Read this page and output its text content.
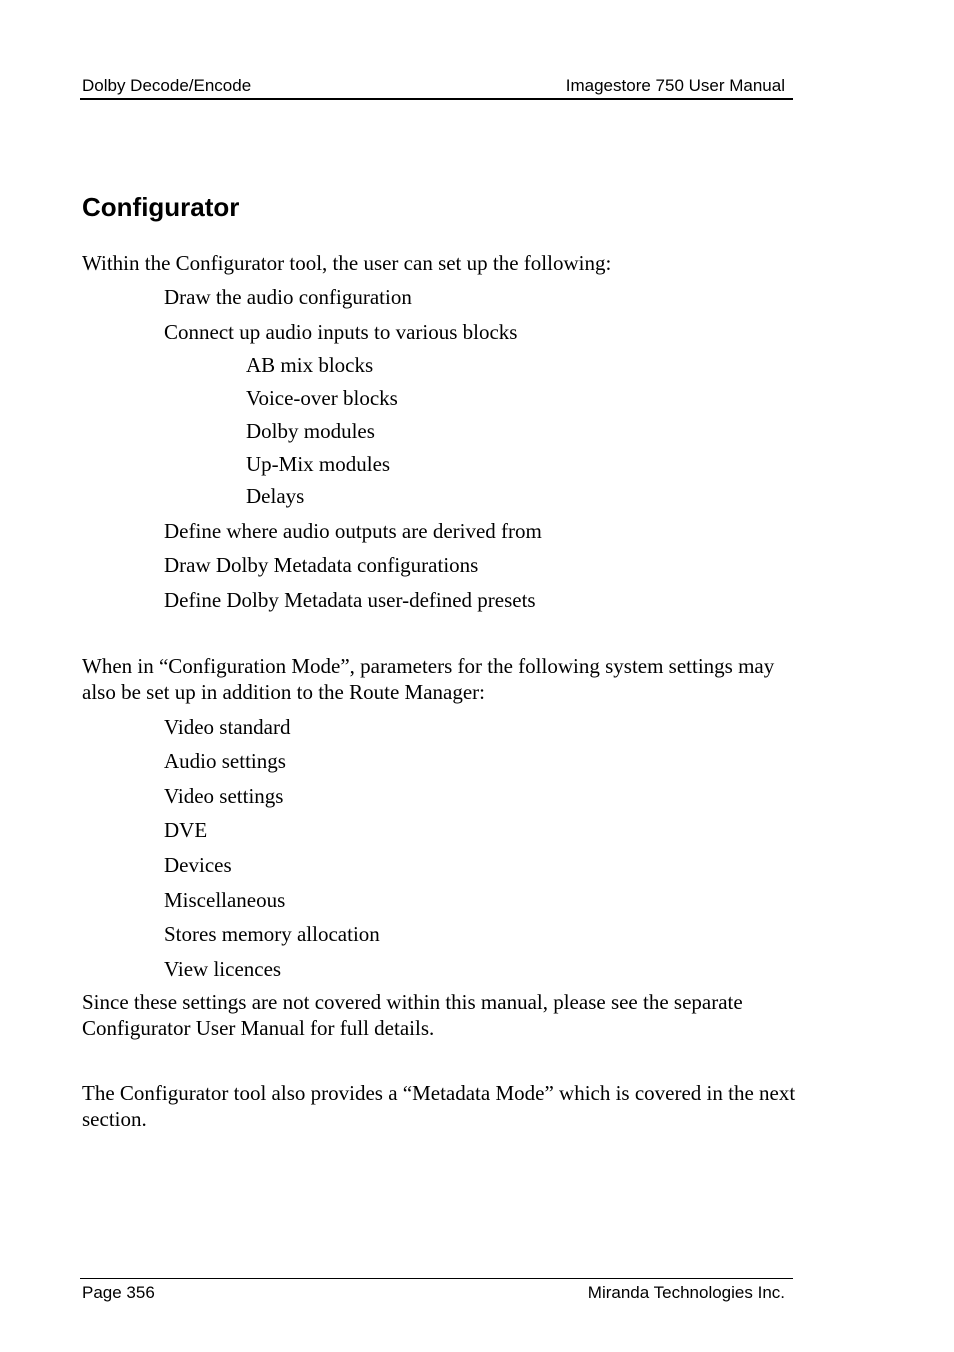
Dolby Decode/Encode	Imagestore 750 User Manual
Configurator

Within the Configurator tool, the user can set up the following:

Draw the audio configuration

Connect up audio inputs to various blocks

AB mix blocks

Voice-over blocks

Dolby modules

Up-Mix modules

Delays

Define where audio outputs are derived from

Draw Dolby Metadata configurations

Define Dolby Metadata user-defined presets

When in “Configuration Mode”, parameters for the following system settings may also be set up in addition to the Route Manager:

Video standard

Audio settings

Video settings

DVE

Devices

Miscellaneous

Stores memory allocation

View licences

Since these settings are not covered within this manual, please see the separate Configurator User Manual for full details.

The Configurator tool also provides a “Metadata Mode” which is covered in the next section.

Page 356	Miranda Technologies Inc.
